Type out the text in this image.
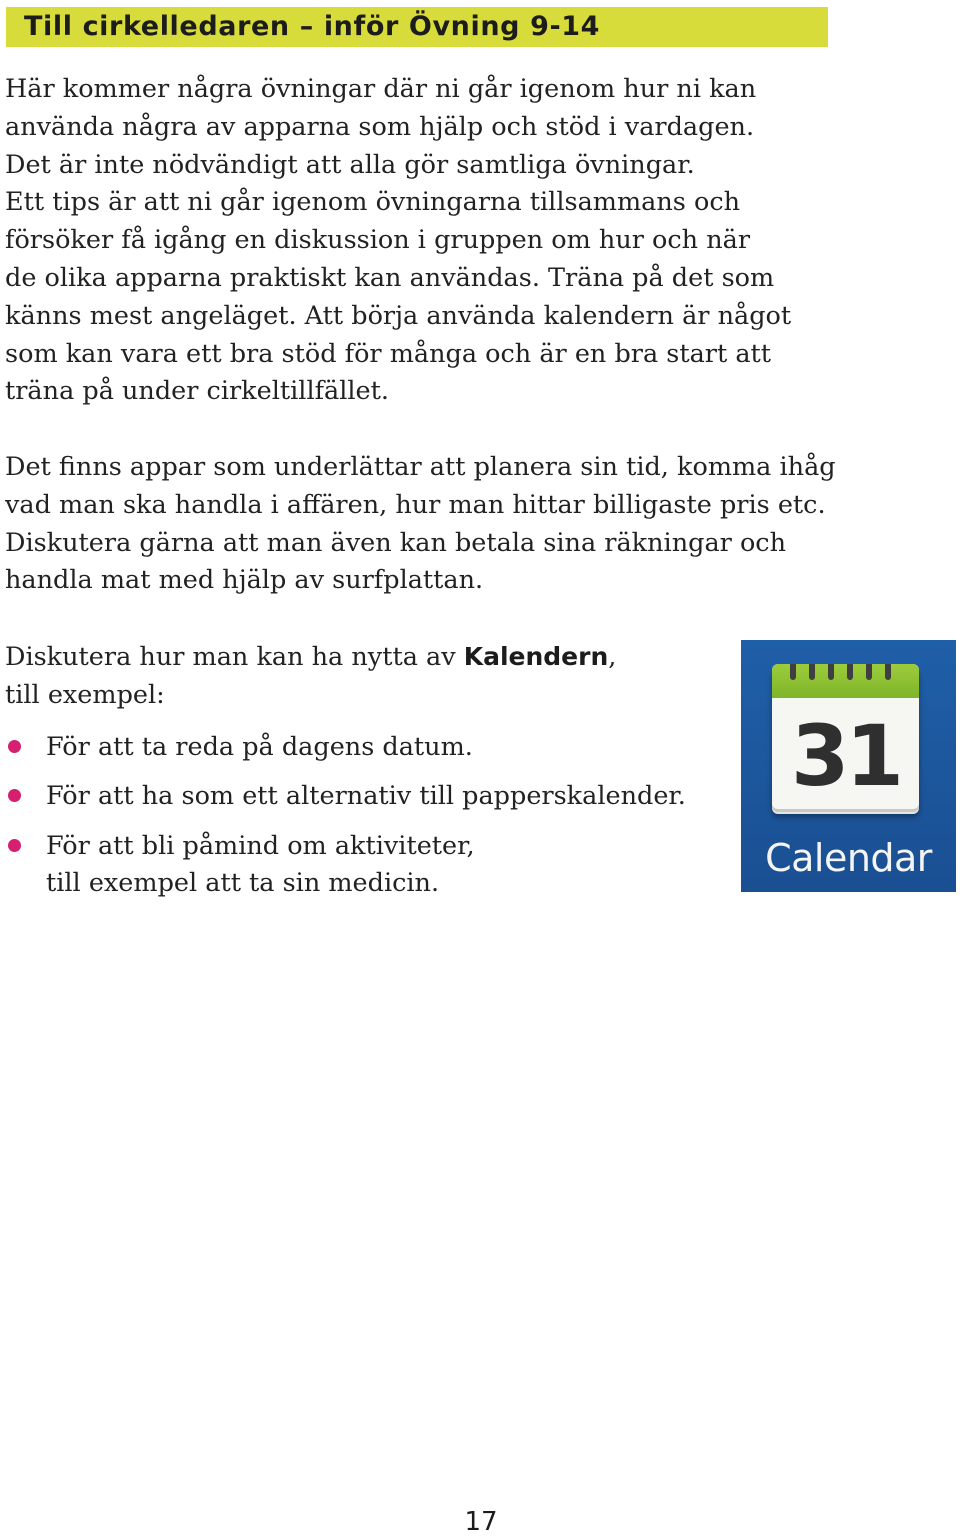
Till cirkelledaren – inför Övning 9-14

Här kommer några övningar där ni går igenom hur ni kan
använda några av apparna som hjälp och stöd i vardagen.
Det är inte nödvändigt att alla gör samtliga övningar.
Ett tips är att ni går igenom övningarna tillsammans och
försöker få igång en diskussion i gruppen om hur och när
de olika apparna praktiskt kan användas. Träna på det som
känns mest angeläget. Att börja använda kalendern är något
som kan vara ett bra stöd för många och är en bra start att
träna på under cirkeltillfället.

Det finns appar som underlättar att planera sin tid, komma ihåg
vad man ska handla i affären, hur man hittar billigaste pris etc.
Diskutera gärna att man även kan betala sina räkningar och
handla mat med hjälp av surfplattan.

Diskutera hur man kan ha nytta av Kalendern,
till exempel:

För att ta reda på dagens datum.
För att ha som ett alternativ till papperskalender.
För att bli påmind om aktiviteter,
till exempel att ta sin medicin.
31
Calendar
17
